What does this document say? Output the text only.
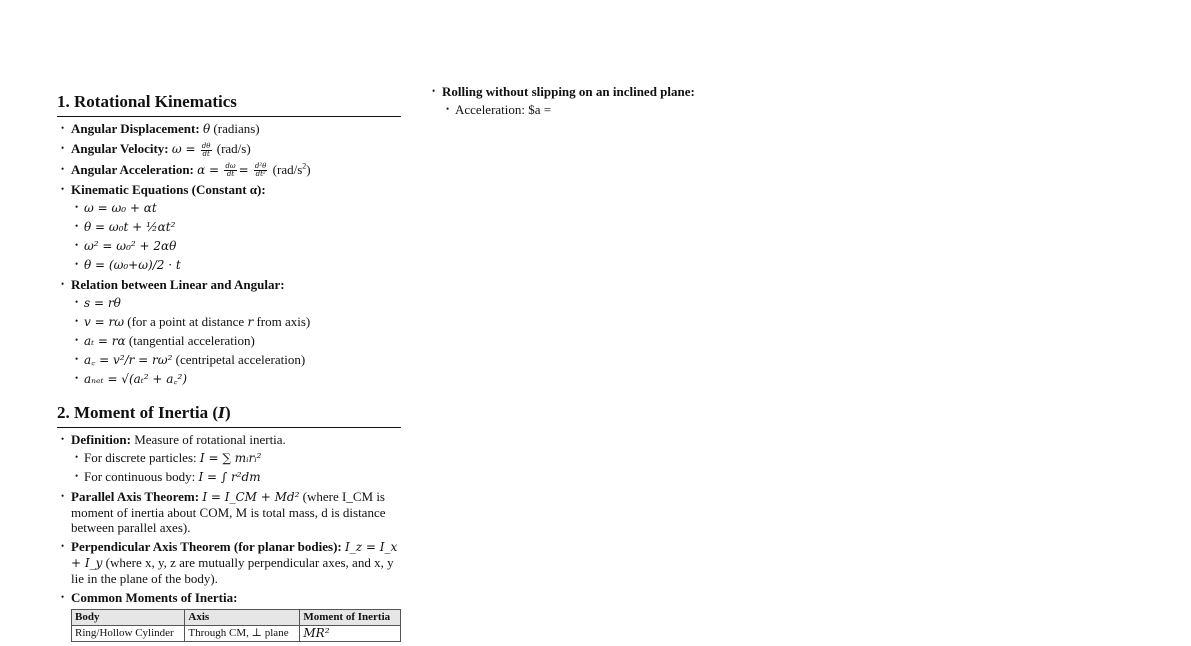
1. Rotational Kinematics
• Angular Displacement: θ (radians)
• Angular Velocity: $\omega = \frac{d\theta}{dt} (rad/s)$
• Angular Acceleration: $\alpha = \frac{d\omega}{dt} = \frac{\text{d²θ}}{\text{dt²}} (rad/s^2)$
• Kinematic Equations (Constant α):
• ω = ω₀ + αt
• θ = ω₀t + ½αt²
• ω² = ω₀² + 2αθ
• θ = (ω₀+ω)/2 · t
• Relation between Linear and Angular:
• s = rθ
• v = rω (for a point at distance r from axis)
• aₜ = rα (tangential acceleration)
• a꜀ = v²/r = rω² (centripetal acceleration)
• aₙₑₜ = √(aₜ² + a꜀²)
2. Moment of Inertia (I)
• Definition: Measure of rotational inertia.
• For discrete particles: I = ∑ mᵢrᵢ²
• For continuous body: I = ∫ r²dm
• Parallel Axis Theorem: I = I_CM + Md² (where I_CM is moment of inertia about COM, M is total mass, d is distance between parallel axes).
• Perpendicular Axis Theorem (for planar bodies): I_z = I_x + I_y (where x, y, z are mutually perpendicular axes, and x, y lie in the plane of the body).
• Common Moments of Inertia:
Body	Axis	Moment of Inertia
Ring/Hollow Cylinder	Through CM, ⊥ plane	MR²
• Rolling without slipping on an inclined plane:
• Acceleration: $a =
